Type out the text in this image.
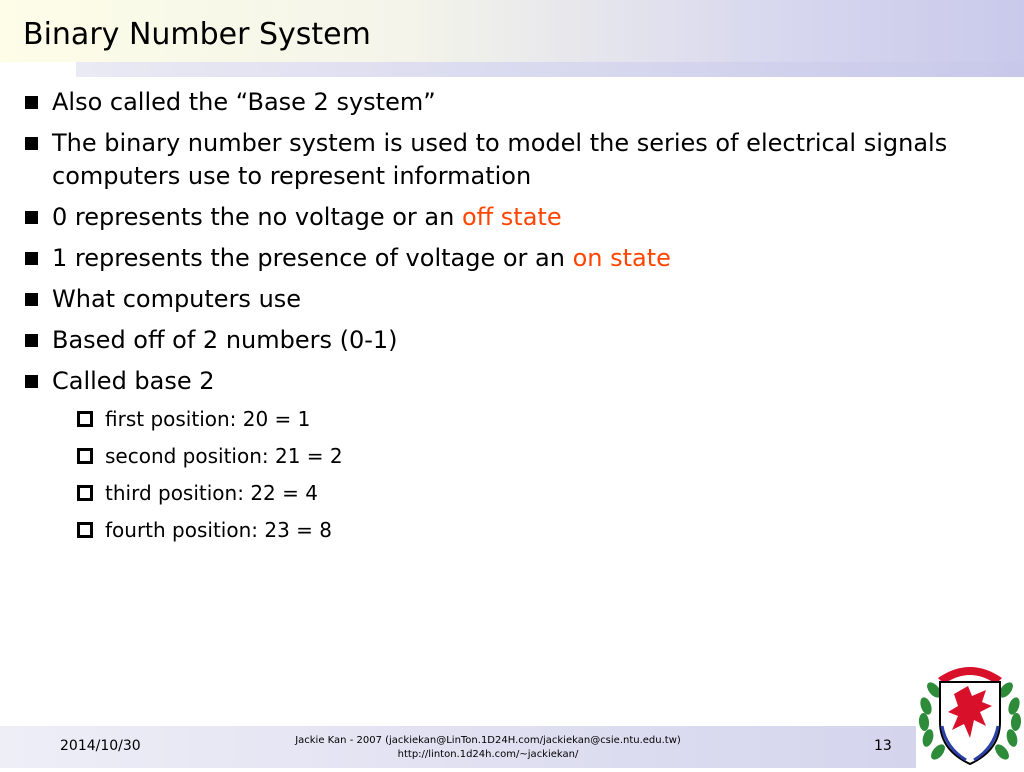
Binary Number System
Also called the “Base 2 system”
The binary number system is used to model the series of electrical signals computers use to represent information
0 represents the no voltage or an off state
1 represents the presence of voltage or an on state
What computers use
Based off of 2 numbers (0-1)
Called base 2
first position: 20 = 1
second position: 21 = 2
third position: 22 = 4
fourth position: 23 = 8
2014/10/30	Jackie Kan - 2007 (jackiekan@LinTon.1D24H.com/jackiekan@csie.ntu.edu.tw)
http://linton.1d24h.com/~jackiekan/
13
